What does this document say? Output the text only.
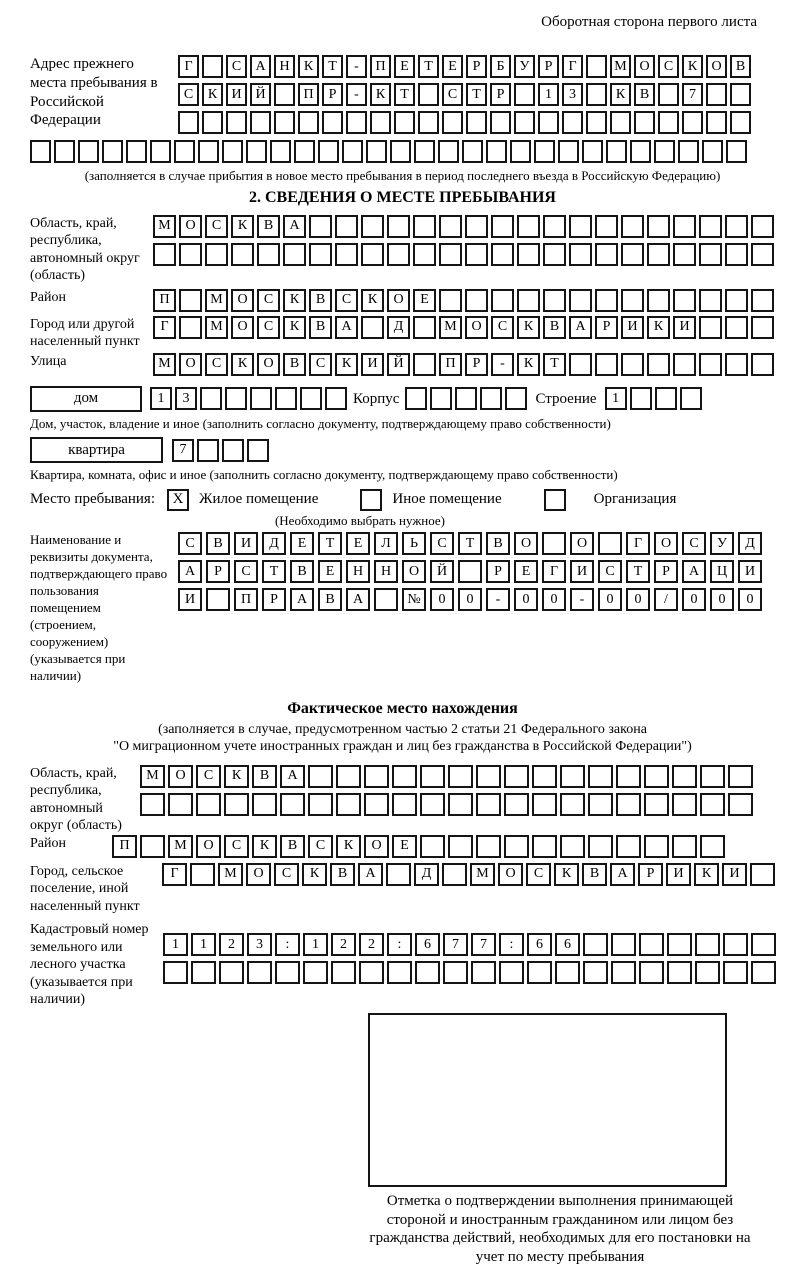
Оборотная сторона первого листа
Адрес прежнего места пребывания в Российской Федерации
Г	С	А Н	К	Т	-	П	Е	Т	Е	Р	Б	У	Р	Г	М О	С	К	О	В
С	К	И Й	П	Р	-	К	Т	С	Т	Р	1	3	К	В	7
(заполняется в случае прибытия в новое место пребывания в период последнего въезда в Российскую Федерацию)
2. СВЕДЕНИЯ О МЕСТЕ ПРЕБЫВАНИЯ
Область, край, республика, автономный округ (область)
М	О	С	К	В	А
Район	П	М	О	С	К	В	С	К	О	Е
Город или другой населенный пункт
Г	М	О	С	К	В	А	Д	М	О	С	К	В	А	Р	И	К	И
Улица	М	О	С	К	О	В	С	К	И	Й	П	Р	-	К	Т
дом	1	3	Корпус	Строение	1
Дом, участок, владение и иное (заполнить согласно документу, подтверждающему право собственности)
квартира	7
Квартира, комната, офис и иное (заполнить согласно документу, подтверждающему право собственности)
Место пребывания:	X	Жилое помещение	Иное помещение	Организация
(Необходимо выбрать нужное)
Наименование и реквизиты документа, подтверждающего право пользования помещением (строением, сооружением) (указывается при наличии)
С	В	И	Д	Е	Т	Е	Л	Ь	С	Т	В	О	О	Г	О	С	У	Д
А	Р	С	Т	В	Е	Н	Н	О	Й	Р	Е	Г	И	С	Т	Р	А	Ц	И
И	П	Р	А	В	А	№	0	0	-	0	0	-	0	0	/	0	0	0
Фактическое место нахождения
(заполняется в случае, предусмотренном частью 2 статьи 21 Федерального закона
"О миграционном учете иностранных граждан и лиц без гражданства в Российской Федерации")
Область, край, республика, автономный округ (область)
М	О	С	К	В	А
Район	П	М	О	С	К	В	С	К	О	Е
Город, сельское поселение, иной населенный пункт
Г	М	О	С	К	В	А	Д	М	О	С	К	В	А	Р	И	К	И
Кадастровый номер земельного или лесного участка (указывается при наличии)
1	1	2	3	:	1	2	2	:	6	7	7	:	6	6
Отметка о подтверждении выполнения принимающей стороной и иностранным гражданином или лицом без гражданства действий, необходимых для его постановки на учет по месту пребывания
